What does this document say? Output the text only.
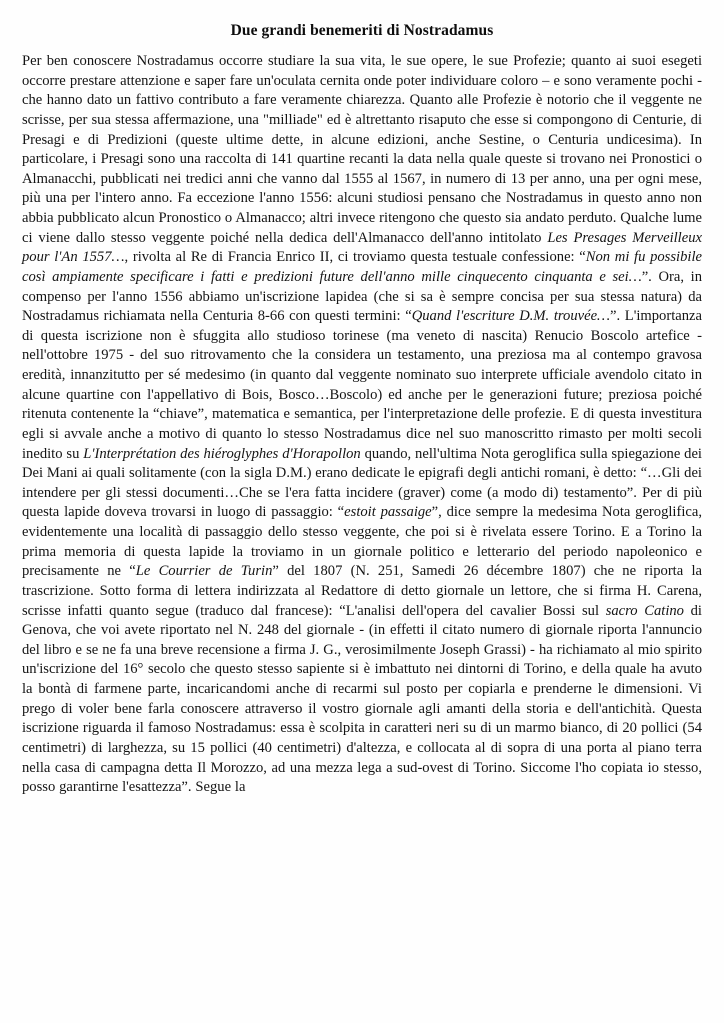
Due grandi benemeriti di Nostradamus

Per ben conoscere Nostradamus occorre studiare la sua vita, le sue opere, le sue Profezie; quanto ai suoi esegeti occorre prestare attenzione e saper fare un'oculata cernita onde poter individuare coloro – e sono veramente pochi - che hanno dato un fattivo contributo a fare veramente chiarezza. Quanto alle Profezie è notorio che il veggente ne scrisse, per sua stessa affermazione, una "milliade" ed è altrettanto risaputo che esse si compongono di Centurie, di Presagi e di Predizioni (queste ultime dette, in alcune edizioni, anche Sestine, o Centuria undicesima). In particolare, i Presagi sono una raccolta di 141 quartine recanti la data nella quale queste si trovano nei Pronostici o Almanacchi, pubblicati nei tredici anni che vanno dal 1555 al 1567, in numero di 13 per anno, una per ogni mese, più una per l'intero anno. Fa eccezione l'anno 1556: alcuni studiosi pensano che Nostradamus in questo anno non abbia pubblicato alcun Pronostico o Almanacco; altri invece ritengono che questo sia andato perduto. Qualche lume ci viene dallo stesso veggente poiché nella dedica dell'Almanacco dell'anno intitolato Les Presages Merveilleux pour l'An 1557…, rivolta al Re di Francia Enrico II, ci troviamo questa testuale confessione: “Non mi fu possibile così ampiamente specificare i fatti e predizioni future dell'anno mille cinquecento cinquanta e sei…”. Ora, in compenso per l'anno 1556 abbiamo un'iscrizione lapidea (che si sa è sempre concisa per sua stessa natura) da Nostradamus richiamata nella Centuria 8-66 con questi termini: “Quand l'escriture D.M. trouvée…”. L'importanza di questa iscrizione non è sfuggita allo studioso torinese (ma veneto di nascita) Renucio Boscolo artefice - nell'ottobre 1975 - del suo ritrovamento che la considera un testamento, una preziosa ma al contempo gravosa eredità, innanzitutto per sé medesimo (in quanto dal veggente nominato suo interprete ufficiale avendolo citato in alcune quartine con l'appellativo di Bois, Bosco…Boscolo) ed anche per le generazioni future; preziosa poiché ritenuta contenente la “chiave”, matematica e semantica, per l'interpretazione delle profezie. E di questa investitura egli si avvale anche a motivo di quanto lo stesso Nostradamus dice nel suo manoscritto rimasto per molti secoli inedito su L'Interprétation des hiéroglyphes d'Horapollon quando, nell'ultima Nota geroglifica sulla spiegazione dei Dei Mani ai quali solitamente (con la sigla D.M.) erano dedicate le epigrafi degli antichi romani, è detto: “…Gli dei intendere per gli stessi documenti…Che se l'era fatta incidere (graver) come (a modo di) testamento”. Per di più questa lapide doveva trovarsi in luogo di passaggio: “estoit passaige”, dice sempre la medesima Nota geroglifica, evidentemente una località di passaggio dello stesso veggente, che poi si è rivelata essere Torino. E a Torino la prima memoria di questa lapide la troviamo in un giornale politico e letterario del periodo napoleonico e precisamente ne “Le Courrier de Turin” del 1807 (N. 251, Samedi 26 décembre 1807) che ne riporta la trascrizione. Sotto forma di lettera indirizzata al Redattore di detto giornale un lettore, che si firma H. Carena, scrisse infatti quanto segue (traduco dal francese): “L'analisi dell'opera del cavalier Bossi sul sacro Catino di Genova, che voi avete riportato nel N. 248 del giornale - (in effetti il citato numero di giornale riporta l'annuncio del libro e se ne fa una breve recensione a firma J. G., verosimilmente Joseph Grassi) - ha richiamato al mio spirito un'iscrizione del 16° secolo che questo stesso sapiente si è imbattuto nei dintorni di Torino, e della quale ha avuto la bontà di farmene parte, incaricandomi anche di recarmi sul posto per copiarla e prenderne le dimensioni. Vi prego di voler bene farla conoscere attraverso il vostro giornale agli amanti della storia e dell'antichità. Questa iscrizione riguarda il famoso Nostradamus: essa è scolpita in caratteri neri su di un marmo bianco, di 20 pollici (54 centimetri) di larghezza, su 15 pollici (40 centimetri) d'altezza, e collocata al di sopra di una porta al piano terra nella casa di campagna detta Il Morozzo, ad una mezza lega a sud-ovest di Torino. Siccome l'ho copiata io stesso, posso garantirne l'esattezza”. Segue la
